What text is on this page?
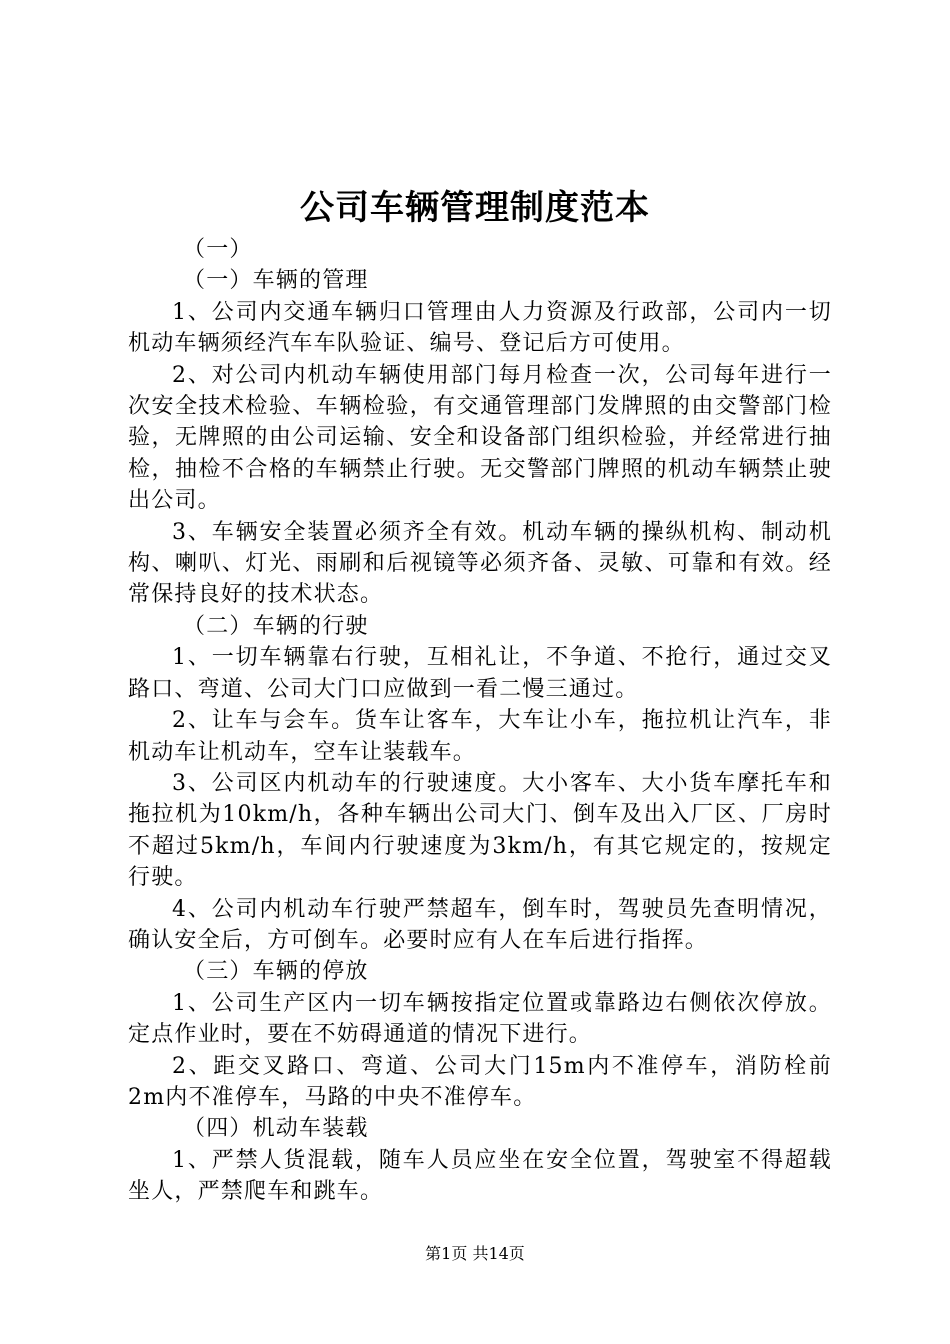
公司车辆管理制度范本

（一）

（一）车辆的管理

1、公司内交通车辆归口管理由人力资源及行政部，公司内一切机动车辆须经汽车车队验证、编号、登记后方可使用。

2、对公司内机动车辆使用部门每月检查一次，公司每年进行一次安全技术检验、车辆检验，有交通管理部门发牌照的由交警部门检验，无牌照的由公司运输、安全和设备部门组织检验，并经常进行抽检，抽检不合格的车辆禁止行驶。无交警部门牌照的机动车辆禁止驶出公司。

3、车辆安全装置必须齐全有效。机动车辆的操纵机构、制动机构、喇叭、灯光、雨刷和后视镜等必须齐备、灵敏、可靠和有效。经常保持良好的技术状态。

（二）车辆的行驶

1、一切车辆靠右行驶，互相礼让，不争道、不抢行，通过交叉路口、弯道、公司大门口应做到一看二慢三通过。

2、让车与会车。货车让客车，大车让小车，拖拉机让汽车，非机动车让机动车，空车让装载车。

3、公司区内机动车的行驶速度。大小客车、大小货车摩托车和拖拉机为10km/h，各种车辆出公司大门、倒车及出入厂区、厂房时不超过5km/h，车间内行驶速度为3km/h，有其它规定的，按规定行驶。

4、公司内机动车行驶严禁超车，倒车时，驾驶员先查明情况，确认安全后，方可倒车。必要时应有人在车后进行指挥。

（三）车辆的停放

1、公司生产区内一切车辆按指定位置或靠路边右侧依次停放。定点作业时，要在不妨碍通道的情况下进行。

2、距交叉路口、弯道、公司大门15m内不准停车，消防栓前2m内不准停车，马路的中央不准停车。

（四）机动车装载

1、严禁人货混载，随车人员应坐在安全位置，驾驶室不得超载坐人，严禁爬车和跳车。

第1页 共14页
